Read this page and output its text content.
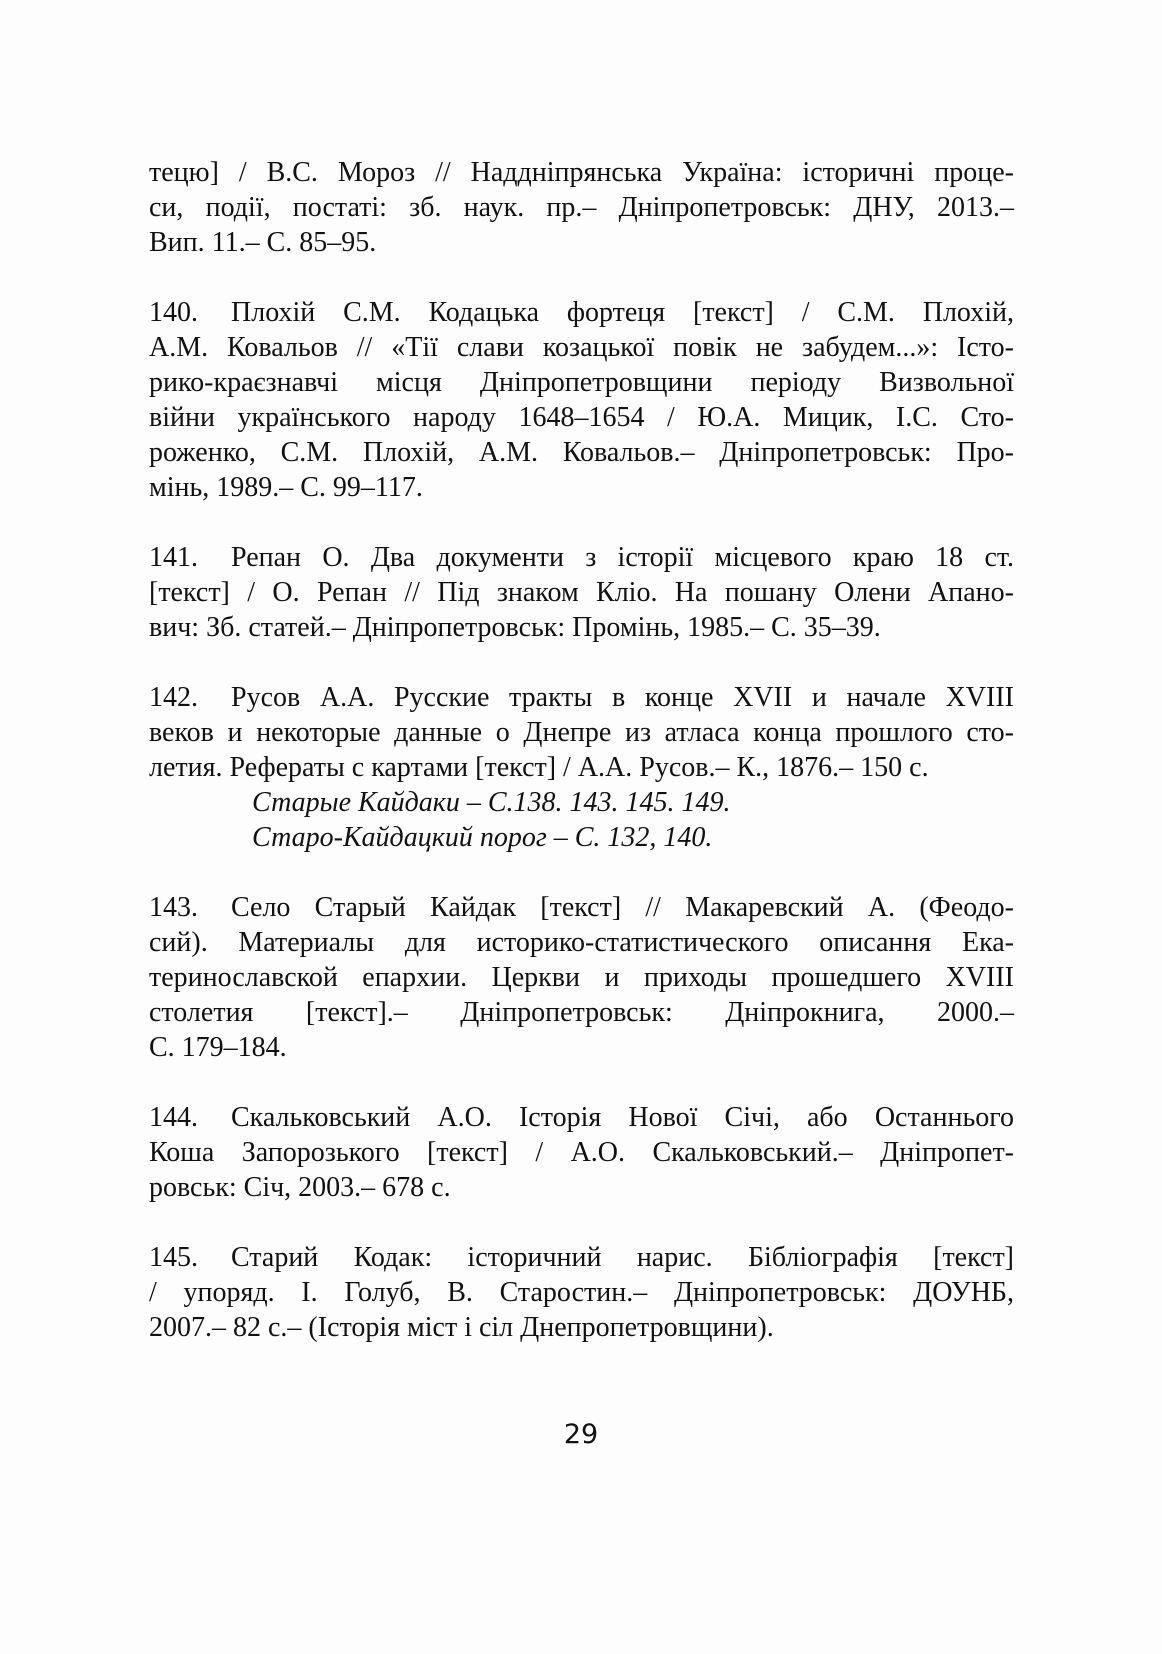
тецю] / В.С. Мороз // Наддніпрянська Україна: історичні проце-
си, події, постаті: зб. наук. пр.– Дніпропетровськ: ДНУ, 2013.–
Вип. 11.– С. 85–95.

140. Плохій С.М. Кодацька фортеця [текст] / С.М. Плохій,
А.М. Ковальов // «Тії слави козацької повік не забудем...»: Істо-
рико-краєзнавчі місця Дніпропетровщини періоду Визвольної
війни українського народу 1648–1654 / Ю.А. Мицик, І.С. Сто-
роженко, С.М. Плохій, А.М. Ковальов.– Дніпропетровськ: Про-
мінь, 1989.– С. 99–117.

141. Репан О. Два документи з історії місцевого краю 18 ст.
[текст] / О. Репан // Під знаком Кліо. На пошану Олени Апано-
вич: Зб. статей.– Дніпропетровськ: Промінь, 1985.– С. 35–39.

142. Русов А.А. Русские тракты в конце XVII и начале XVIII
веков и некоторые данные о Днепре из атласа конца прошлого сто-
летия. Рефераты с картами [текст] / А.А. Русов.– К., 1876.– 150 с.
Старые Кайдаки – С.138. 143. 145. 149.
Старо-Кайдацкий порог – С. 132, 140.

143. Село Старый Кайдак [текст] // Макаревский А. (Феодо-
сий). Материалы для историко-статистического описання Ека-
теринославской епархии. Церкви и приходы прошедшего XVIII
столетия [текст].– Дніпропетровськ: Дніпрокнига, 2000.–
С. 179–184.

144. Скальковський А.О. Історія Нової Січі, або Останнього
Коша Запорозького [текст] / А.О. Скальковський.– Дніпропет-
ровськ: Січ, 2003.– 678 с.

145. Старий Кодак: історичний нарис. Бібліографія [текст]
/ упоряд. І. Голуб, В. Старостин.– Дніпропетровськ: ДОУНБ,
2007.– 82 с.– (Історія міст і сіл Днепропетровщини).

29
